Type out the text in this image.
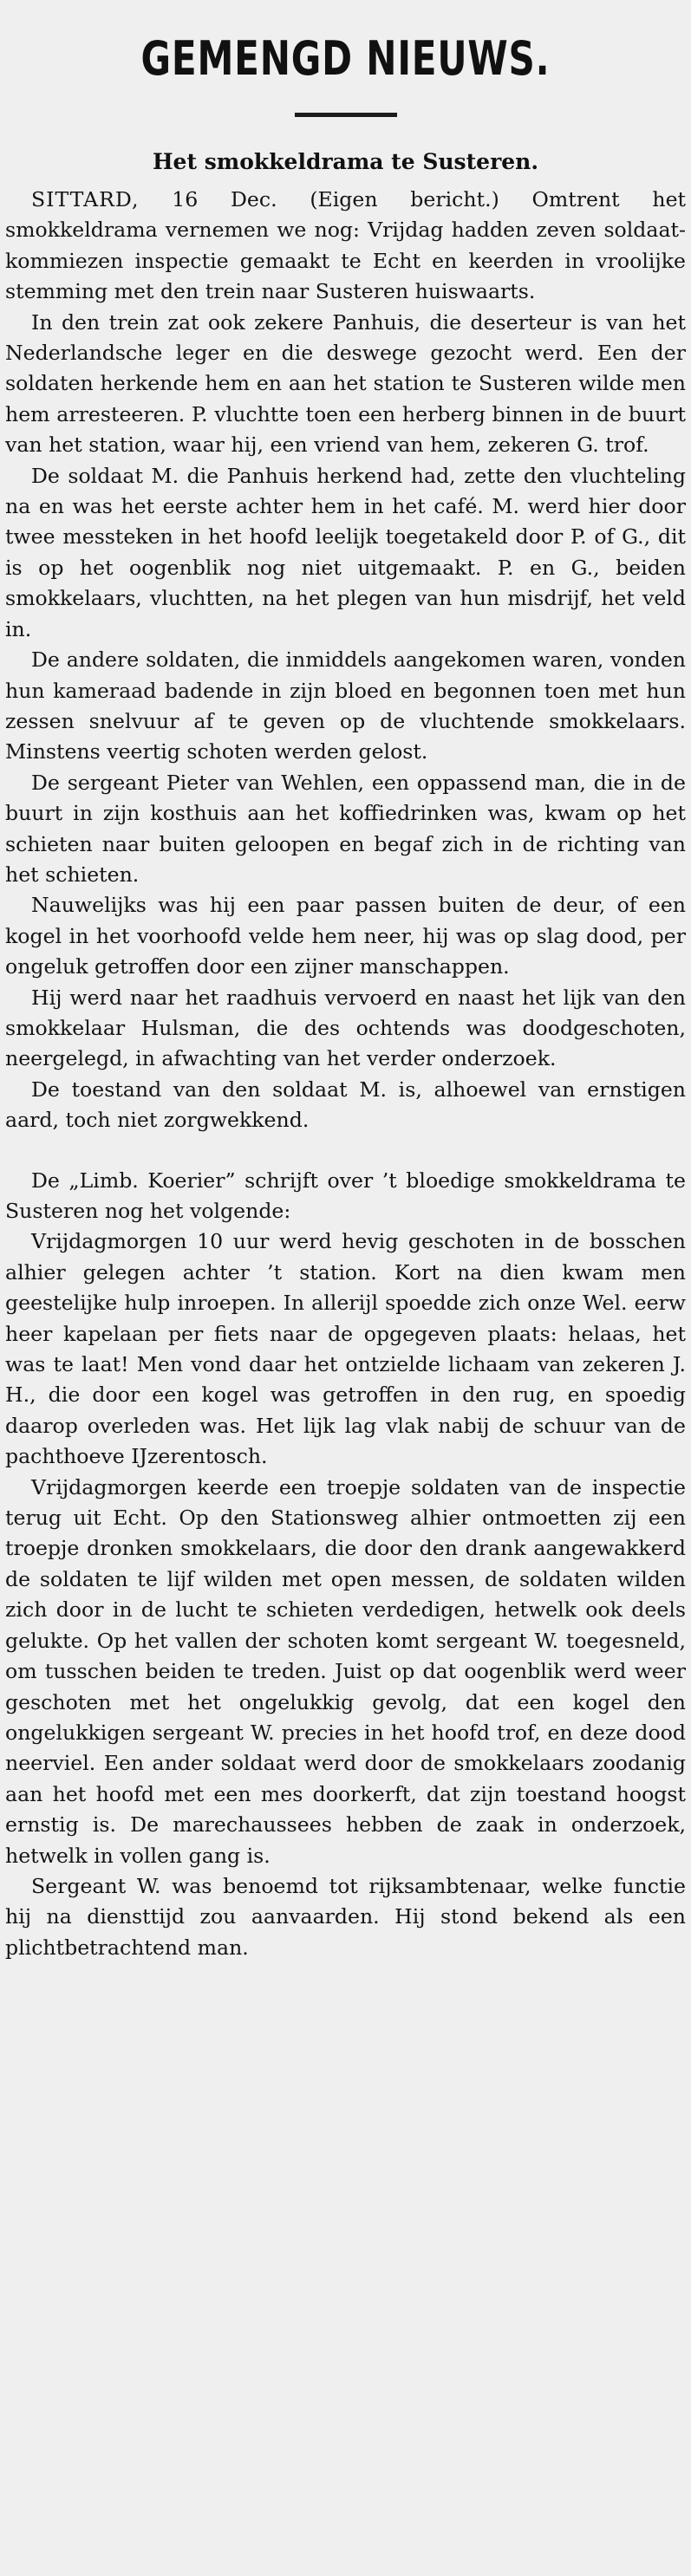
GEMENGD NIEUWS.
Het smokkeldrama te Susteren.

SITTARD, 16 Dec. (Eigen bericht.) Omtrent het smokkeldrama vernemen we nog: Vrijdag hadden zeven soldaat-kommiezen inspectie gemaakt te Echt en keerden in vroolijke stemming met den trein naar Susteren huiswaarts.

In den trein zat ook zekere Panhuis, die deserteur is van het Nederlandsche leger en die deswege gezocht werd. Een der soldaten herkende hem en aan het station te Susteren wilde men hem arresteeren. P. vluchtte toen een herberg binnen in de buurt van het station, waar hij, een vriend van hem, zekeren G. trof.

De soldaat M. die Panhuis herkend had, zette den vluchteling na en was het eerste achter hem in het café. M. werd hier door twee messteken in het hoofd leelijk toegetakeld door P. of G., dit is op het oogenblik nog niet uitgemaakt. P. en G., beiden smokkelaars, vluchtten, na het plegen van hun misdrijf, het veld in.

De andere soldaten, die inmiddels aangekomen waren, vonden hun kameraad badende in zijn bloed en begonnen toen met hun zessen snelvuur af te geven op de vluchtende smokkelaars. Minstens veertig schoten werden gelost.

De sergeant Pieter van Wehlen, een oppassend man, die in de buurt in zijn kosthuis aan het koffiedrinken was, kwam op het schieten naar buiten geloopen en begaf zich in de richting van het schieten.

Nauwelijks was hij een paar passen buiten de deur, of een kogel in het voorhoofd velde hem neer, hij was op slag dood, per ongeluk getroffen door een zijner manschappen.

Hij werd naar het raadhuis vervoerd en naast het lijk van den smokkelaar Hulsman, die des ochtends was doodgeschoten, neergelegd, in afwachting van het verder onderzoek.

De toestand van den soldaat M. is, alhoewel van ernstigen aard, toch niet zorgwekkend.

De „Limb. Koerier” schrijft over ’t bloedige smokkeldrama te Susteren nog het volgende:

Vrijdagmorgen 10 uur werd hevig geschoten in de bosschen alhier gelegen achter ’t station. Kort na dien kwam men geestelijke hulp inroepen. In allerijl spoedde zich onze Wel. eerw heer kapelaan per fiets naar de opgegeven plaats: helaas, het was te laat! Men vond daar het ontzielde lichaam van zekeren J. H., die door een kogel was getroffen in den rug, en spoedig daarop overleden was. Het lijk lag vlak nabij de schuur van de pachthoeve IJzerentosch.

Vrijdagmorgen keerde een troepje soldaten van de inspectie terug uit Echt. Op den Stationsweg alhier ontmoetten zij een troepje dronken smokkelaars, die door den drank aangewakkerd de soldaten te lijf wilden met open messen, de soldaten wilden zich door in de lucht te schieten verdedigen, hetwelk ook deels gelukte. Op het vallen der schoten komt sergeant W. toegesneld, om tusschen beiden te treden. Juist op dat oogenblik werd weer geschoten met het ongelukkig gevolg, dat een kogel den ongelukkigen sergeant W. precies in het hoofd trof, en deze dood neerviel. Een ander soldaat werd door de smokkelaars zoodanig aan het hoofd met een mes doorkerft, dat zijn toestand hoogst ernstig is. De marechaussees hebben de zaak in onderzoek, hetwelk in vollen gang is.

Sergeant W. was benoemd tot rijksambtenaar, welke functie hij na diensttijd zou aanvaarden. Hij stond bekend als een plichtbetrachtend man.
